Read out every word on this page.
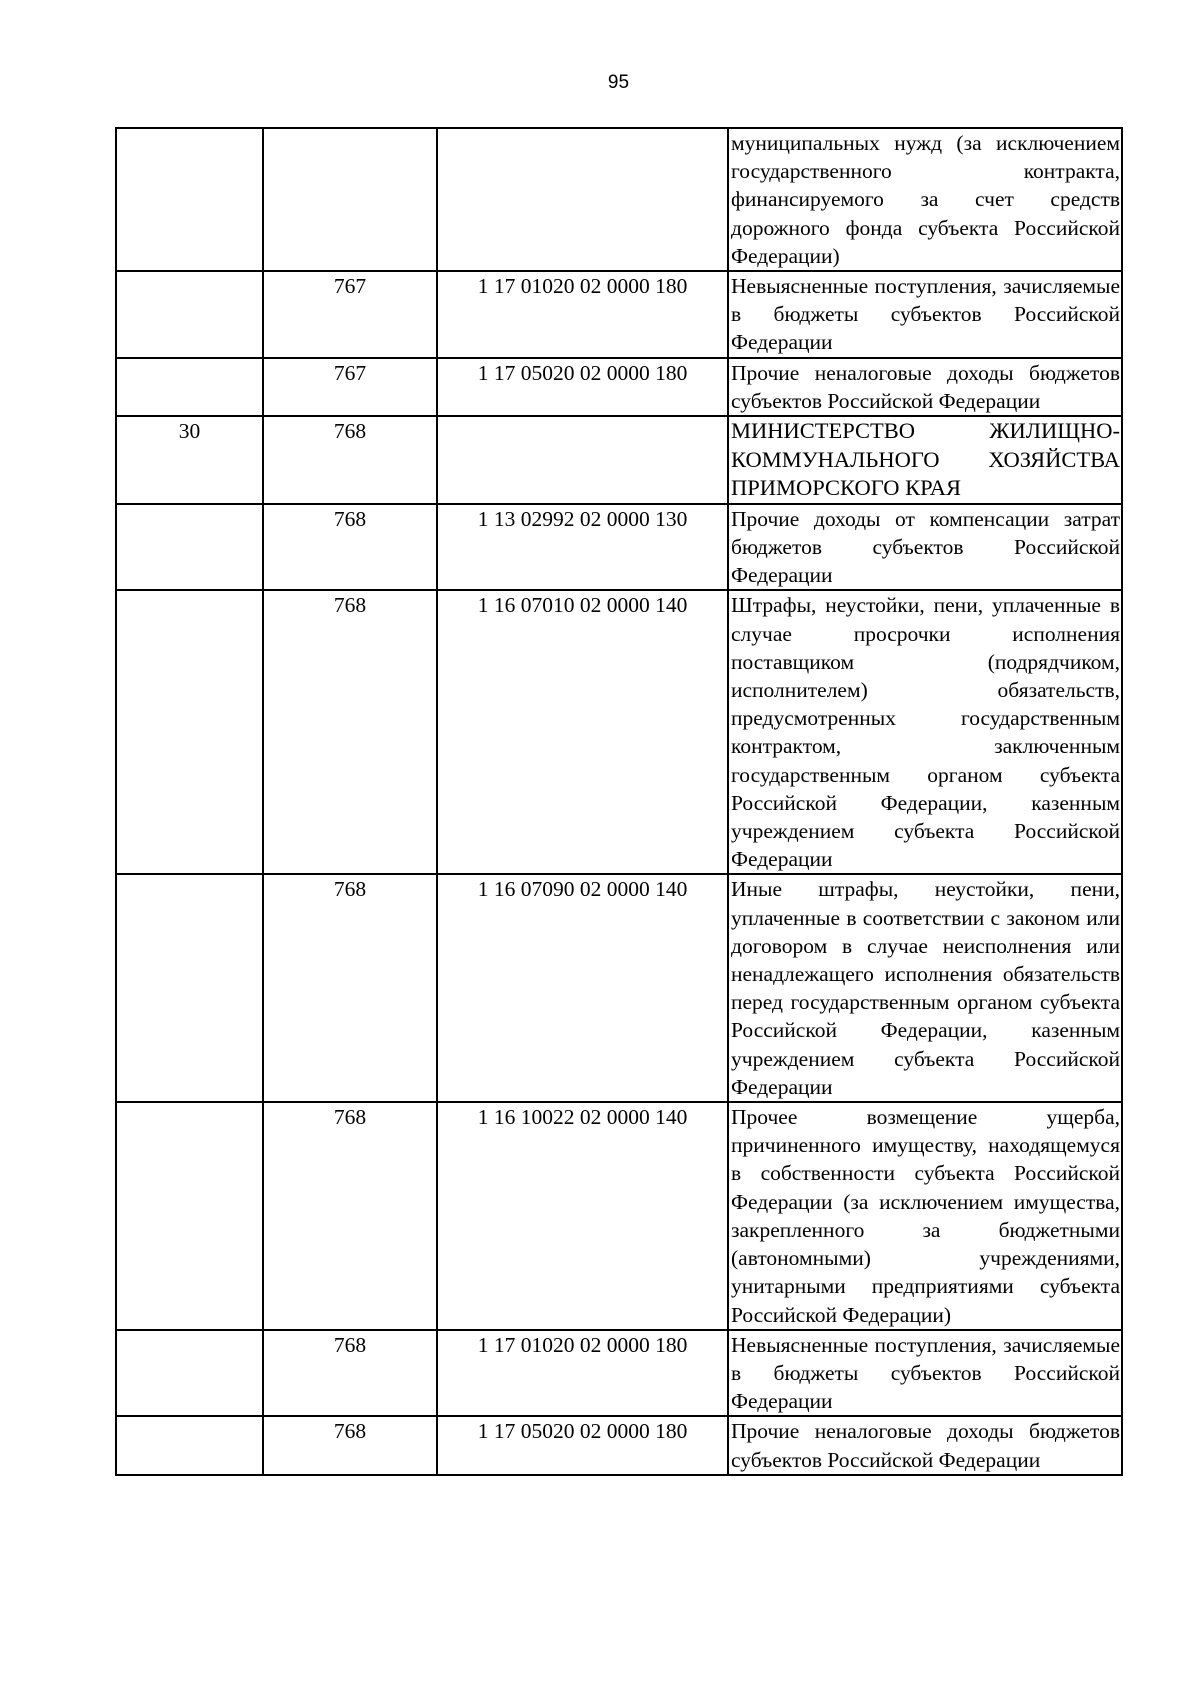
95
			муниципальных нужд (за исключением государственного контракта, финансируемого за счет средств дорожного фонда субъекта Российской Федерации)
	767	1 17 01020 02 0000 180	Невыясненные поступления, зачисляемые в бюджеты субъектов Российской Федерации
	767	1 17 05020 02 0000 180	Прочие неналоговые доходы бюджетов субъектов Российской Федерации
30	768		МИНИСТЕРСТВО ЖИЛИЩНО-КОММУНАЛЬНОГО ХОЗЯЙСТВА ПРИМОРСКОГО КРАЯ
	768	1 13 02992 02 0000 130	Прочие доходы от компенсации затрат бюджетов субъектов Российской Федерации
	768	1 16 07010 02 0000 140	Штрафы, неустойки, пени, уплаченные в случае просрочки исполнения поставщиком (подрядчиком, исполнителем) обязательств, предусмотренных государственным контрактом, заключенным государственным органом субъекта Российской Федерации, казенным учреждением субъекта Российской Федерации
	768	1 16 07090 02 0000 140	Иные штрафы, неустойки, пени, уплаченные в соответствии с законом или договором в случае неисполнения или ненадлежащего исполнения обязательств перед государственным органом субъекта Российской Федерации, казенным учреждением субъекта Российской Федерации
	768	1 16 10022 02 0000 140	Прочее возмещение ущерба, причиненного имуществу, находящемуся в собственности субъекта Российской Федерации (за исключением имущества, закрепленного за бюджетными (автономными) учреждениями, унитарными предприятиями субъекта Российской Федерации)
	768	1 17 01020 02 0000 180	Невыясненные поступления, зачисляемые в бюджеты субъектов Российской Федерации
	768	1 17 05020 02 0000 180	Прочие неналоговые доходы бюджетов субъектов Российской Федерации
